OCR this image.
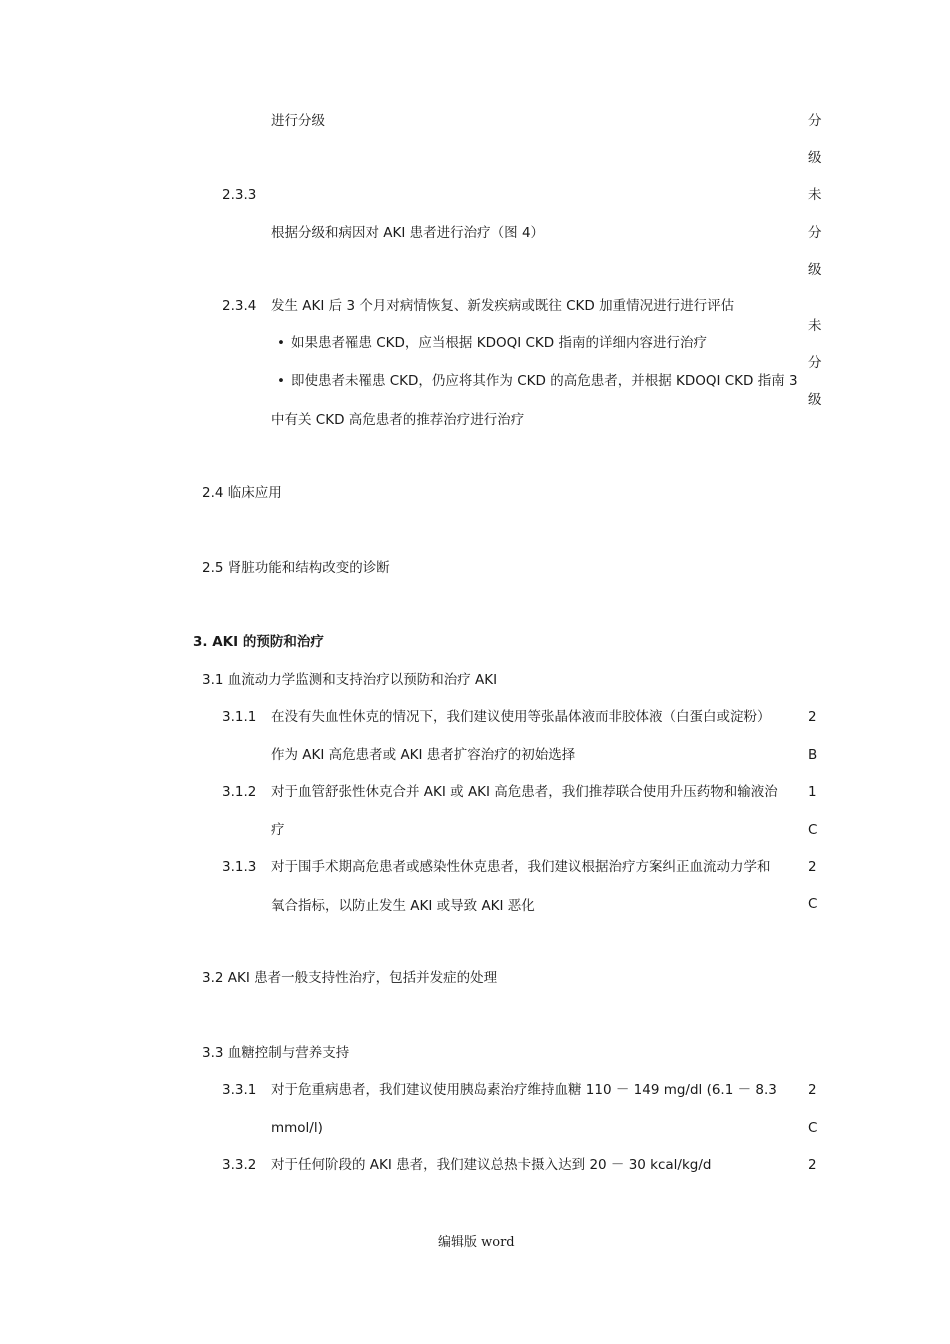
进行分级
2.3.3
根据分级和病因对 AKI 患者进行治疗（图 4）
分
级
未
分
级
2.3.4 发生 AKI 后 3 个月对病情恢复、新发疾病或既往 CKD 加重情况进行进行评估
• 如果患者罹患 CKD，应当根据 KDOQI CKD 指南的详细内容进行治疗
• 即使患者未罹患 CKD，仍应将其作为 CKD 的高危患者，并根据 KDOQI CKD 指南 3
中有关 CKD 高危患者的推荐治疗进行治疗
未
分
级
2.4 临床应用
2.5 肾脏功能和结构改变的诊断
3. AKI 的预防和治疗
3.1 血流动力学监测和支持治疗以预防和治疗 AKI
3.1.1 在没有失血性休克的情况下，我们建议使用等张晶体液而非胶体液（白蛋白或淀粉）
作为 AKI 高危患者或 AKI 患者扩容治疗的初始选择
2
B
3.1.2 对于血管舒张性休克合并 AKI 或 AKI 高危患者，我们推荐联合使用升压药物和输液治
疗
1
C
3.1.3 对于围手术期高危患者或感染性休克患者，我们建议根据治疗方案纠正血流动力学和
氧合指标，以防止发生 AKI 或导致 AKI 恶化
2
C
3.2 AKI 患者一般支持性治疗，包括并发症的处理
3.3 血糖控制与营养支持
3.3.1 对于危重病患者，我们建议使用胰岛素治疗维持血糖 110 － 149 mg/dl (6.1 － 8.3
mmol/l)
2
C
3.3.2 对于任何阶段的 AKI 患者，我们建议总热卡摄入达到 20 － 30 kcal/kg/d	2
编辑版 word
